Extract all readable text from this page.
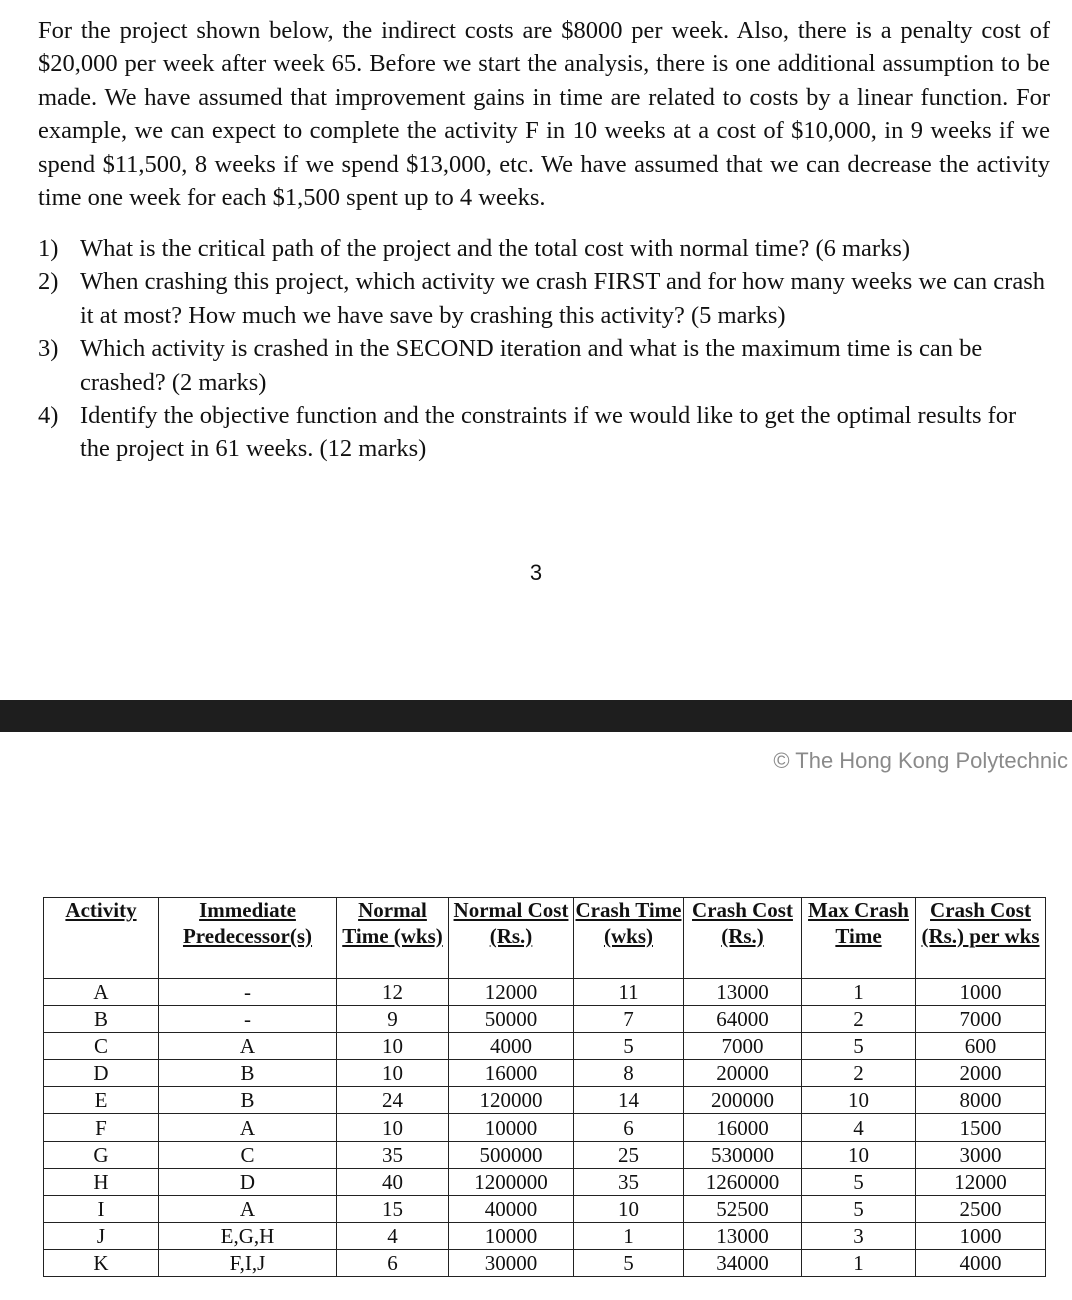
For the project shown below, the indirect costs are $8000 per week. Also, there is a penalty cost of $20,000 per week after week 65. Before we start the analysis, there is one additional assumption to be made. We have assumed that improvement gains in time are related to costs by a linear function. For example, we can expect to complete the activity F in 10 weeks at a cost of $10,000, in 9 weeks if we spend $11,500, 8 weeks if we spend $13,000, etc. We have assumed that we can decrease the activity time one week for each $1,500 spent up to 4 weeks.

1) What is the critical path of the project and the total cost with normal time? (6 marks)
2) When crashing this project, which activity we crash FIRST and for how many weeks we can crash it at most? How much we have save by crashing this activity? (5 marks)
3) Which activity is crashed in the SECOND iteration and what is the maximum time is can be crashed? (2 marks)
4) Identify the objective function and the constraints if we would like to get the optimal results for the project in 61 weeks. (12 marks)
3
© The Hong Kong Polytechnic
Activity	Immediate Predecessor(s)	Normal Time (wks)	Normal Cost (Rs.)	Crash Time (wks)	Crash Cost (Rs.)	Max Crash Time	Crash Cost (Rs.) per wks
A	-	12	12000	11	13000	1	1000
B	-	9	50000	7	64000	2	7000
C	A	10	4000	5	7000	5	600
D	B	10	16000	8	20000	2	2000
E	B	24	120000	14	200000	10	8000
F	A	10	10000	6	16000	4	1500
G	C	35	500000	25	530000	10	3000
H	D	40	1200000	35	1260000	5	12000
I	A	15	40000	10	52500	5	2500
J	E,G,H	4	10000	1	13000	3	1000
K	F,I,J	6	30000	5	34000	1	4000
